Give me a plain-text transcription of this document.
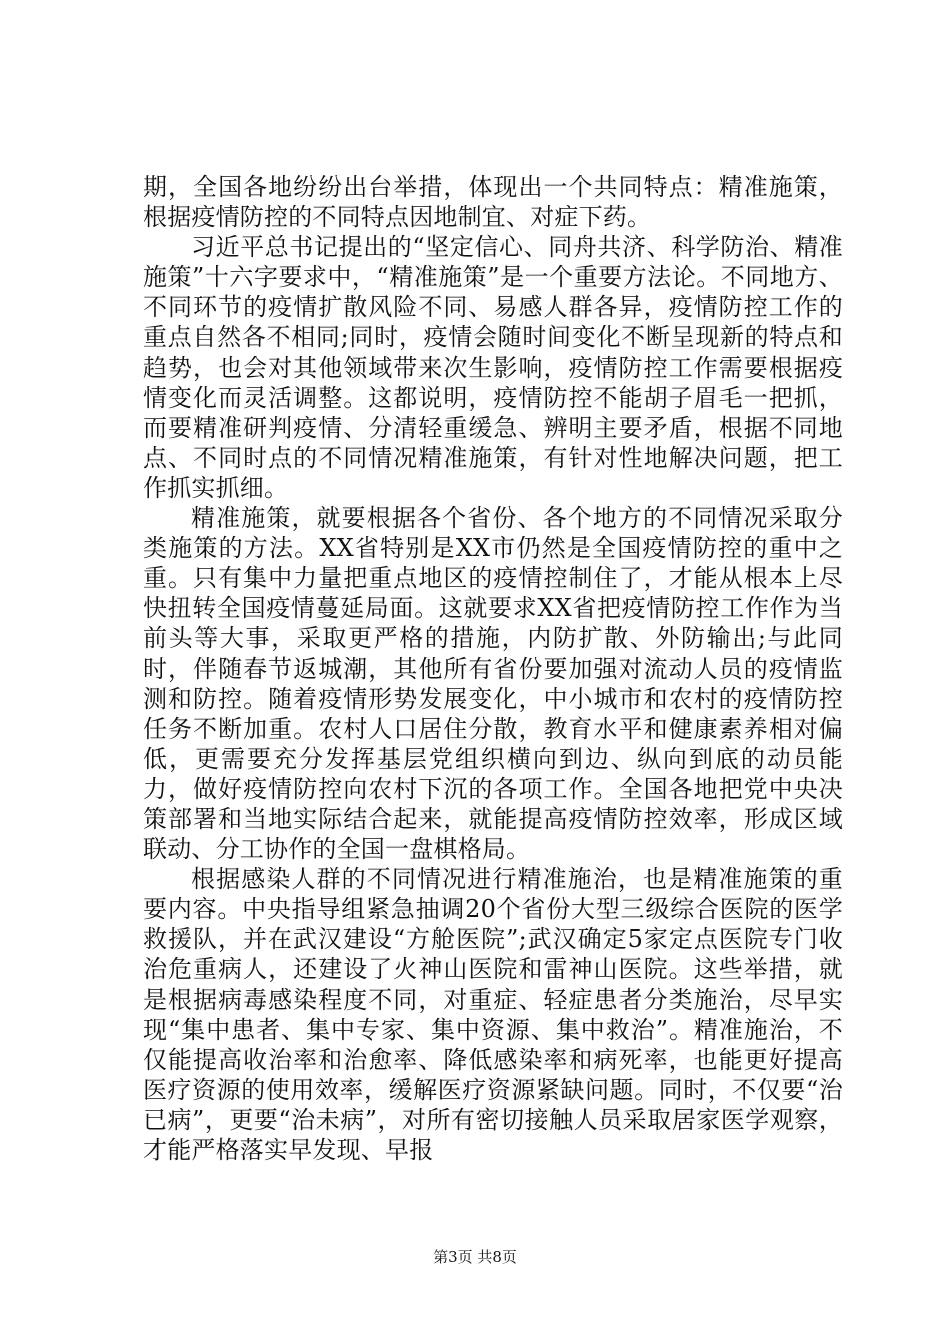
期，全国各地纷纷出台举措，体现出一个共同特点：精准施策，根据疫情防控的不同特点因地制宜、对症下药。

习近平总书记提出的“坚定信心、同舟共济、科学防治、精准施策”十六字要求中，“精准施策”是一个重要方法论。不同地方、不同环节的疫情扩散风险不同、易感人群各异，疫情防控工作的重点自然各不相同;同时，疫情会随时间变化不断呈现新的特点和趋势，也会对其他领域带来次生影响，疫情防控工作需要根据疫情变化而灵活调整。这都说明，疫情防控不能胡子眉毛一把抓，而要精准研判疫情、分清轻重缓急、辨明主要矛盾，根据不同地点、不同时点的不同情况精准施策，有针对性地解决问题，把工作抓实抓细。

精准施策，就要根据各个省份、各个地方的不同情况采取分类施策的方法。XX省特别是XX市仍然是全国疫情防控的重中之重。只有集中力量把重点地区的疫情控制住了，才能从根本上尽快扭转全国疫情蔓延局面。这就要求XX省把疫情防控工作作为当前头等大事，采取更严格的措施，内防扩散、外防输出;与此同时，伴随春节返城潮，其他所有省份要加强对流动人员的疫情监测和防控。随着疫情形势发展变化，中小城市和农村的疫情防控任务不断加重。农村人口居住分散，教育水平和健康素养相对偏低，更需要充分发挥基层党组织横向到边、纵向到底的动员能力，做好疫情防控向农村下沉的各项工作。全国各地把党中央决策部署和当地实际结合起来，就能提高疫情防控效率，形成区域联动、分工协作的全国一盘棋格局。

根据感染人群的不同情况进行精准施治，也是精准施策的重要内容。中央指导组紧急抽调20个省份大型三级综合医院的医学救援队，并在武汉建设“方舱医院”;武汉确定5家定点医院专门收治危重病人，还建设了火神山医院和雷神山医院。这些举措，就是根据病毒感染程度不同，对重症、轻症患者分类施治，尽早实现“集中患者、集中专家、集中资源、集中救治”。精准施治，不仅能提高收治率和治愈率、降低感染率和病死率，也能更好提高医疗资源的使用效率，缓解医疗资源紧缺问题。同时，不仅要“治已病”，更要“治未病”，对所有密切接触人员采取居家医学观察，才能严格落实早发现、早报

第3页 共8页
